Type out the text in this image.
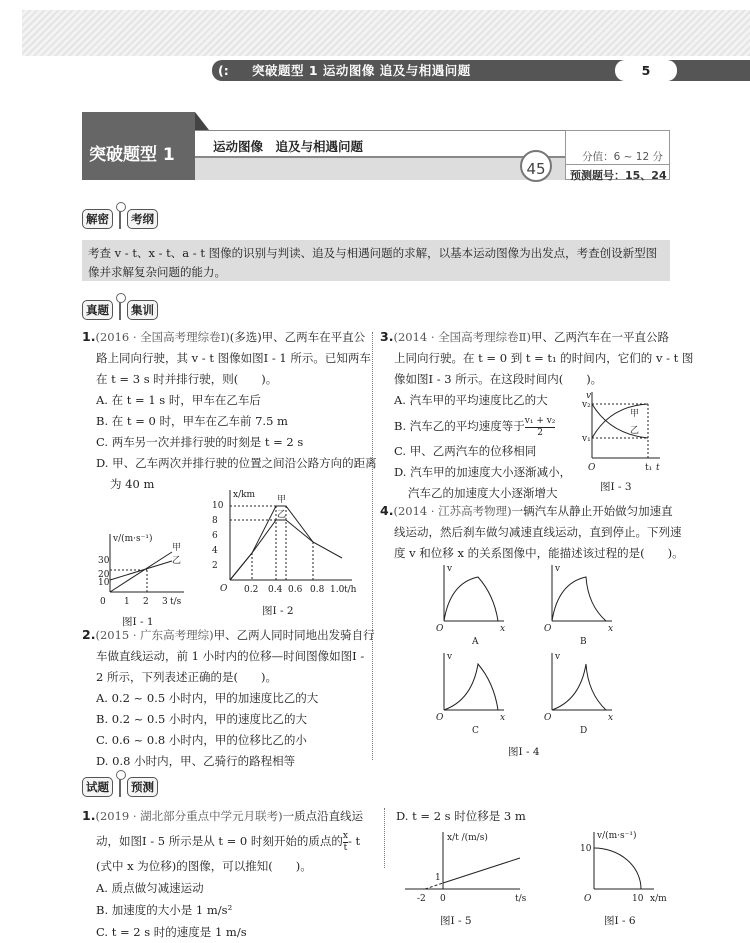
(: 突破题型 1 运动图像 追及与相遇问题	5
突破题型 1	运动图像　追及与相遇问题
分值：6 ~ 12 分
预测题号：15、24
45
解密	考纲
考查 v - t、x - t、a - t 图像的识别与判读、追及与相遇问题的求解，以基本运动图像为出发点，考查创设新型图像并求解复杂问题的能力。
真题	集训

1.(2016 · 全国高考理综卷Ⅰ)(多选)甲、乙两车在平直公

路上同向行驶，其 v - t 图像如图Ⅰ - 1 所示。已知两车

在 t = 3 s 时并排行驶，则(　　)。

A. 在 t = 1 s 时，甲车在乙车后

B. 在 t = 0 时，甲车在乙车前 7.5 m

C. 两车另一次并排行驶的时刻是 t = 2 s

D. 甲、乙车两次并排行驶的位置之间沿公路方向的距离

为 40 m

v/(m·s⁻¹)
t/s
30
20
0 1 2 3
甲
乙
10
图Ⅰ - 1
x/km
O
2
4
6
8
10
0.2 0.4 0.6 0.8 1.0 t/h
甲
乙
图Ⅰ - 2

2.(2015 · 广东高考理综)甲、乙两人同时同地出发骑自行

车做直线运动，前 1 小时内的位移—时间图像如图Ⅰ -

2 所示，下列表述正确的是(　　)。

A. 0.2 ~ 0.5 小时内，甲的加速度比乙的大

B. 0.2 ~ 0.5 小时内，甲的速度比乙的大

C. 0.6 ~ 0.8 小时内，甲的位移比乙的小

D. 0.8 小时内，甲、乙骑行的路程相等

3.(2014 · 全国高考理综卷Ⅱ)甲、乙两汽车在一平直公路

上同向行驶。在 t = 0 到 t = t₁ 的时间内，它们的 v - t 图

像如图Ⅰ - 3 所示。在这段时间内(　　)。

A. 汽车甲的平均速度比乙的大

B. 汽车乙的平均速度等于 $\frac{\text{v₁ + v₂}}{2}$

C. 甲、乙两汽车的位移相同

D. 汽车甲的加速度大小逐渐减小，

汽车乙的加速度大小逐渐增大

v
v₂
v₁
O	t₁ t
甲
乙
图Ⅰ - 3

4.(2014 · 江苏高考物理)一辆汽车从静止开始做匀加速直

线运动，然后刹车做匀减速直线运动，直到停止。下列速

度 v 和位移 x 的关系图像中，能描述该过程的是(　　)。

v
O	x
A
v
O	x
B
v
O	x
C
v
O	x
D
图Ⅰ - 4
试题	预测

1.(2019 · 湖北部分重点中学元月联考)一质点沿直线运

动，如图Ⅰ - 5 所示是从 t = 0 时刻开始的质点的 $\frac{x}{t}$ - t

(式中 x 为位移)的图像，可以推知(　　)。

A. 质点做匀减速运动

B. 加速度的大小是 1 m/s²

C. t = 2 s 时的速度是 1 m/s

D. t = 2 s 时位移是 3 m
x/t /(m/s)
1
-2 0	t/s
图Ⅰ - 5
v/(m·s⁻¹)
10
O	10 x/m
图Ⅰ - 6
